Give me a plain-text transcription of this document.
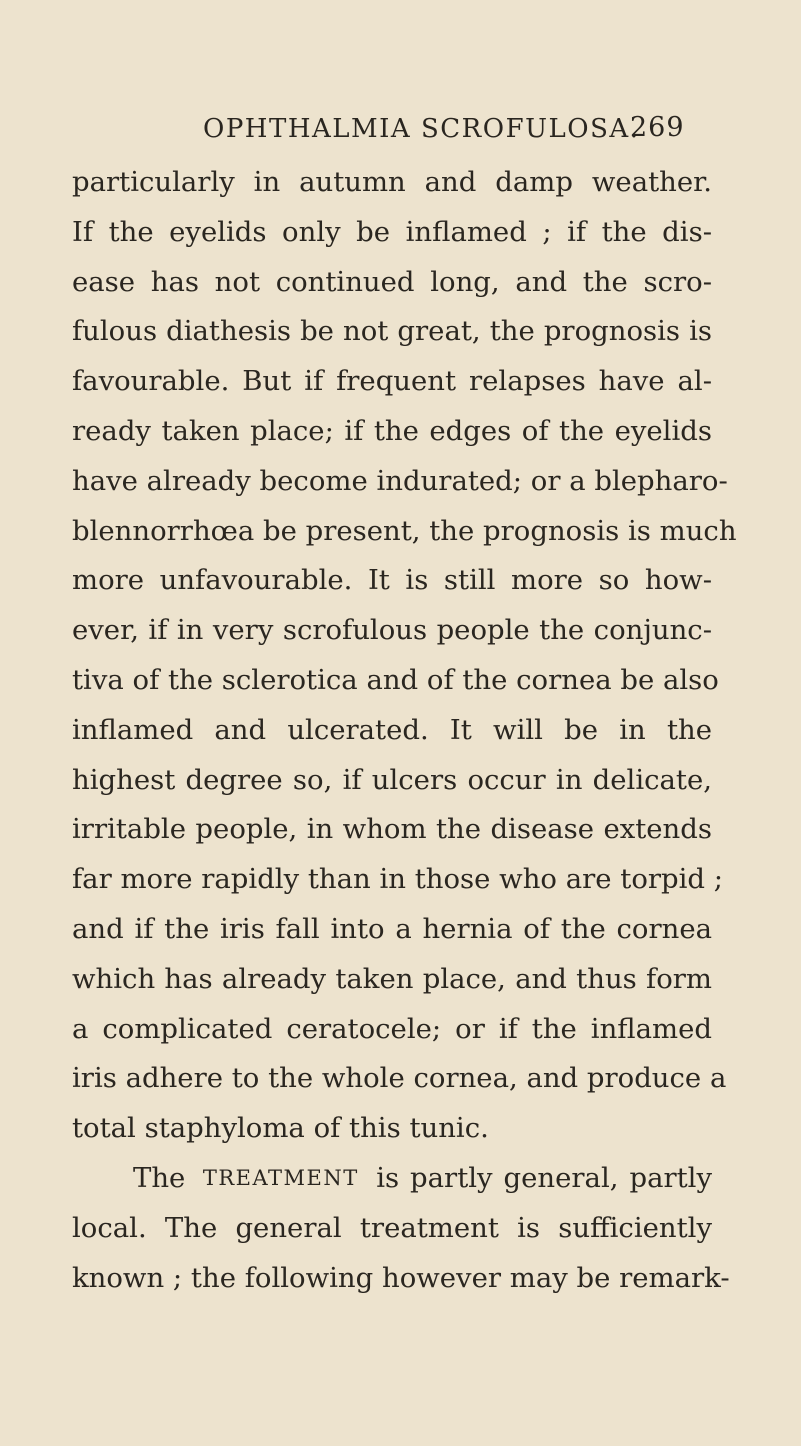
OPHTHALMIA SCROFULOSA.
269
particularly in autumn and damp weather.
If the eyelids only be inflamed ; if the dis-
ease has not continued long, and the scro-
fulous diathesis be not great, the prognosis is
favourable. But if frequent relapses have al-
ready taken place; if the edges of the eyelids
have already become indurated; or a blepharo-
blennorrhœa be present, the prognosis is much
more unfavourable. It is still more so how-
ever, if in very scrofulous people the conjunc-
tiva of the sclerotica and of the cornea be also
inflamed and ulcerated. It will be in the
highest degree so, if ulcers occur in delicate,
irritable people, in whom the disease extends
far more rapidly than in those who are torpid ;
and if the iris fall into a hernia of the cornea
which has already taken place, and thus form
a complicated ceratocele; or if the inflamed
iris adhere to the whole cornea, and produce a
total staphyloma of this tunic.
The TREATMENT is partly general, partly
local. The general treatment is sufficiently
known ; the following however may be remark-
